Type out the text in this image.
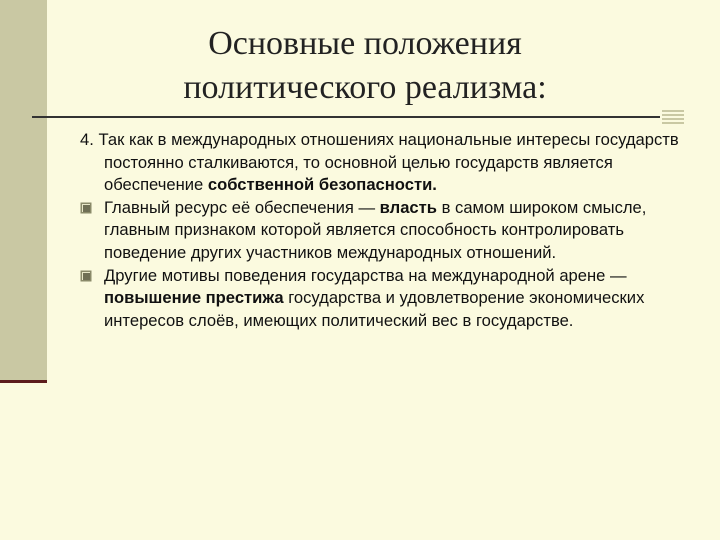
Основные положения
политического реализма:
4. Так как в международных отношениях национальные интересы государств постоянно сталкиваются, то основной целью государств является обеспечение собственной безопасности.
Главный ресурс её обеспечения — власть в самом широком смысле, главным признаком которой является способность контролировать поведение других участников международных отношений.
Другие мотивы поведения государства на международной арене — повышение престижа государства и удовлетворение экономических интересов слоёв, имеющих политический вес в государстве.
